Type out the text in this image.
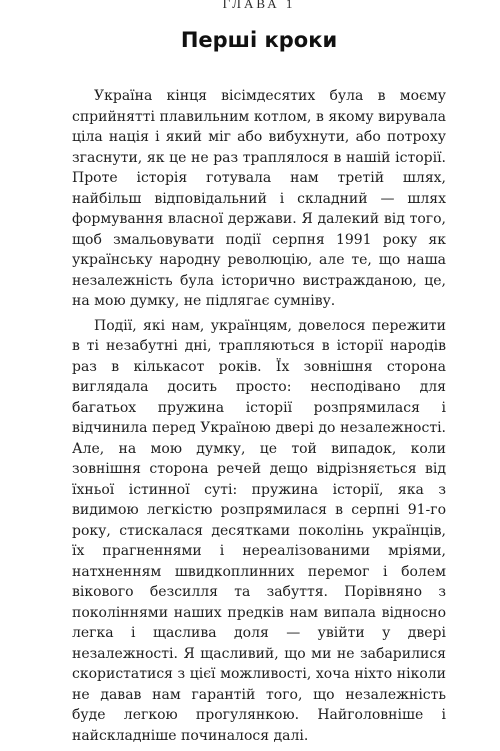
ГЛАВА 1
Перші кроки

Україна кінця вісімдесятих була в моєму сприйнятті плавильним котлом, в якому вирувала ціла нація і який міг або вибухнути, або потроху згаснути, як це не раз траплялося в нашій історії. Проте історія готувала нам третій шлях, найбільш відповідальний і складний — шлях формування власної держави. Я далекий від того, щоб змальовувати події серпня 1991 року як українську народну революцію, але те, що наша незалежність була історично вистражданою, це, на мою думку, не підлягає сумніву.

Події, які нам, українцям, довелося пережити в ті незабутні дні, трапляються в історії народів раз в кількасот років. Їх зовнішня сторона виглядала досить просто: несподівано для багатьох пружина історії розпрямилася і відчинила перед Україною двері до незалежності. Але, на мою думку, це той випадок, коли зовнішня сторона речей дещо відрізняється від їхньої істинної суті: пружина історії, яка з видимою легкістю розпрямилася в серпні 91-го року, стискалася десятками поколінь українців, їх прагненнями і нереалізованими мріями, натхненням швидкоплинних перемог і болем вікового безсилля та забуття. Порівняно з поколіннями наших предків нам випала відносно легка і щаслива доля — увійти у двері незалежності. Я щасливий, що ми не забарилися скористатися з цієї можливості, хоча ніхто ніколи не давав нам гарантій того, що незалежність буде легкою прогулянкою. Найголовніше і найскладніше починалося далі.
